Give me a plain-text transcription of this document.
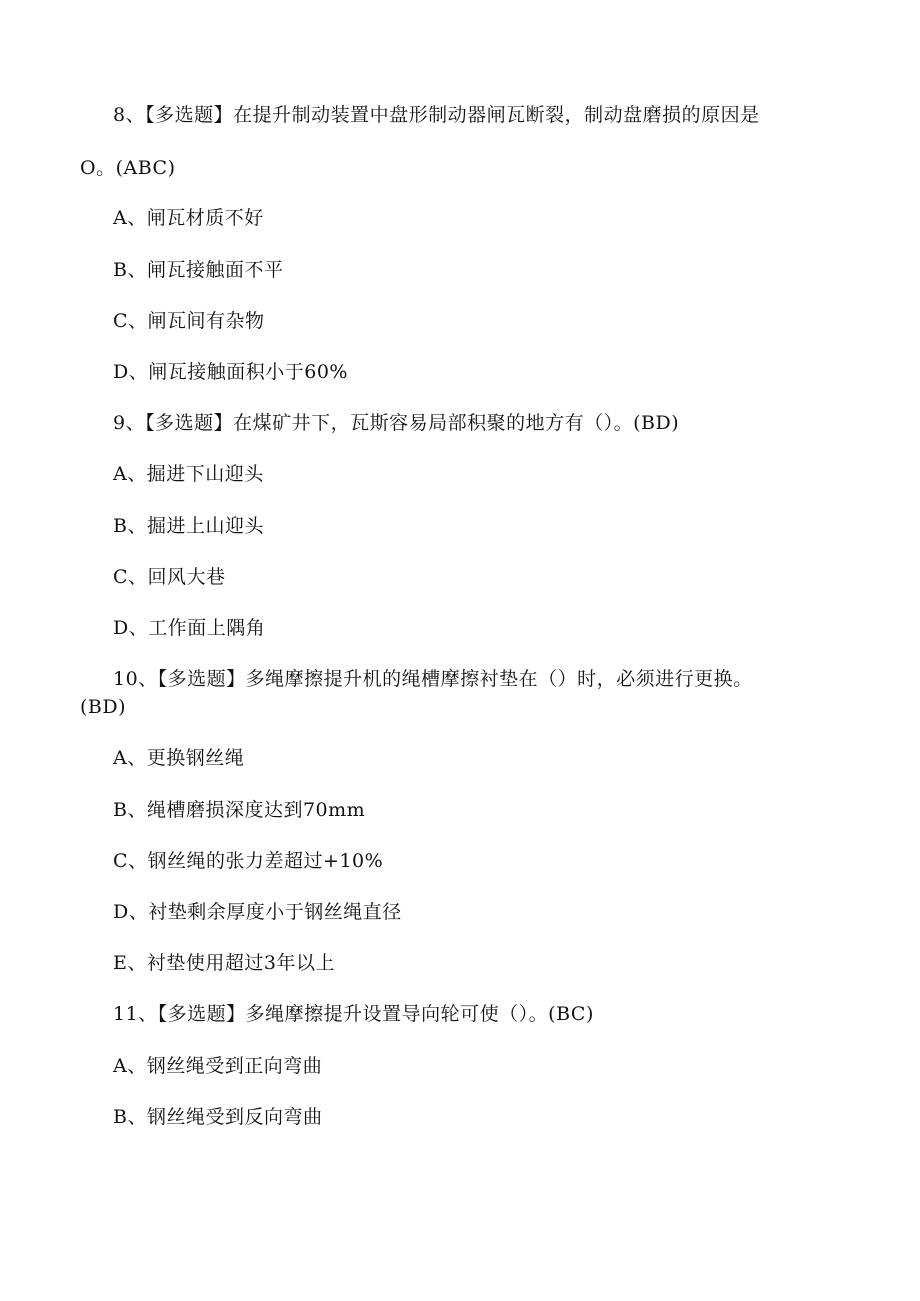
8、【多选题】在提升制动装置中盘形制动器闸瓦断裂，制动盘磨损的原因是
O。(ABC)
A、闸瓦材质不好
B、闸瓦接触面不平
C、闸瓦间有杂物
D、闸瓦接触面积小于60%
9、【多选题】在煤矿井下，瓦斯容易局部积聚的地方有（）。(BD)
A、掘进下山迎头
B、掘进上山迎头
C、回风大巷
D、工作面上隅角
10、【多选题】多绳摩擦提升机的绳槽摩擦衬垫在（）时，必须进行更换。
(BD)
A、更换钢丝绳
B、绳槽磨损深度达到70mm
C、钢丝绳的张力差超过+10%
D、衬垫剩余厚度小于钢丝绳直径
E、衬垫使用超过3年以上
11、【多选题】多绳摩擦提升设置导向轮可使（）。(BC)
A、钢丝绳受到正向弯曲
B、钢丝绳受到反向弯曲
